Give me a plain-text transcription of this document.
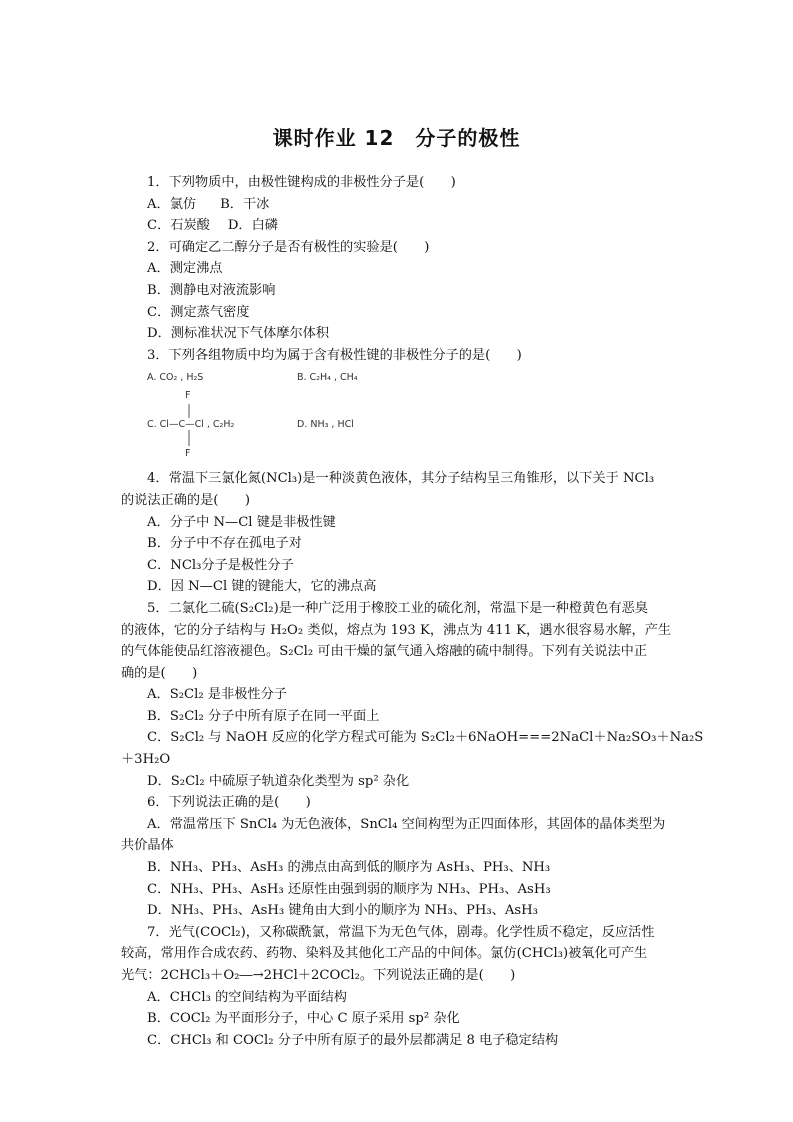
课时作业 12　分子的极性
1．下列物质中，由极性键构成的非极性分子是(　　)
A．氯仿 B．干冰
C．石炭酸 D．白磷
2．可确定乙二醇分子是否有极性的实验是(　　)
A．测定沸点
B．测静电对液流影响
C．测定蒸气密度
D．测标准状况下气体摩尔体积
3．下列各组物质中均为属于含有极性键的非极性分子的是(　　)
A. CO₂ , H₂S	B. C₂H₄ , CH₄
F
F
C. Cl—C—Cl , C₂H₂	D. NH₃ , HCl
4．常温下三氯化氮(NCl₃)是一种淡黄色液体，其分子结构呈三角锥形，以下关于 NCl₃
的说法正确的是(　　)
A．分子中 N—Cl 键是非极性键
B．分子中不存在孤电子对
C．NCl₃分子是极性分子
D．因 N—Cl 键的键能大，它的沸点高
5．二氯化二硫(S₂Cl₂)是一种广泛用于橡胶工业的硫化剂，常温下是一种橙黄色有恶臭
的液体，它的分子结构与 H₂O₂ 类似，熔点为 193 K，沸点为 411 K，遇水很容易水解，产生
的气体能使品红溶液褪色。S₂Cl₂ 可由干燥的氯气通入熔融的硫中制得。下列有关说法中正
确的是(　　)
A．S₂Cl₂ 是非极性分子
B．S₂Cl₂ 分子中所有原子在同一平面上
C．S₂Cl₂ 与 NaOH 反应的化学方程式可能为 S₂Cl₂＋6NaOH===2NaCl＋Na₂SO₃＋Na₂S
＋3H₂O
D．S₂Cl₂ 中硫原子轨道杂化类型为 sp² 杂化
6．下列说法正确的是(　　)
A．常温常压下 SnCl₄ 为无色液体，SnCl₄ 空间构型为正四面体形，其固体的晶体类型为
共价晶体
B．NH₃、PH₃、AsH₃ 的沸点由高到低的顺序为 AsH₃、PH₃、NH₃
C．NH₃、PH₃、AsH₃ 还原性由强到弱的顺序为 NH₃、PH₃、AsH₃
D．NH₃、PH₃、AsH₃ 键角由大到小的顺序为 NH₃、PH₃、AsH₃
7．光气(COCl₂)，又称碳酰氯，常温下为无色气体，剧毒。化学性质不稳定，反应活性
较高，常用作合成农药、药物、染料及其他化工产品的中间体。氯仿(CHCl₃)被氧化可产生
光气：2CHCl₃＋O₂―→2HCl＋2COCl₂。下列说法正确的是(　　)
A．CHCl₃ 的空间结构为平面结构
B．COCl₂ 为平面形分子，中心 C 原子采用 sp² 杂化
C．CHCl₃ 和 COCl₂ 分子中所有原子的最外层都满足 8 电子稳定结构
